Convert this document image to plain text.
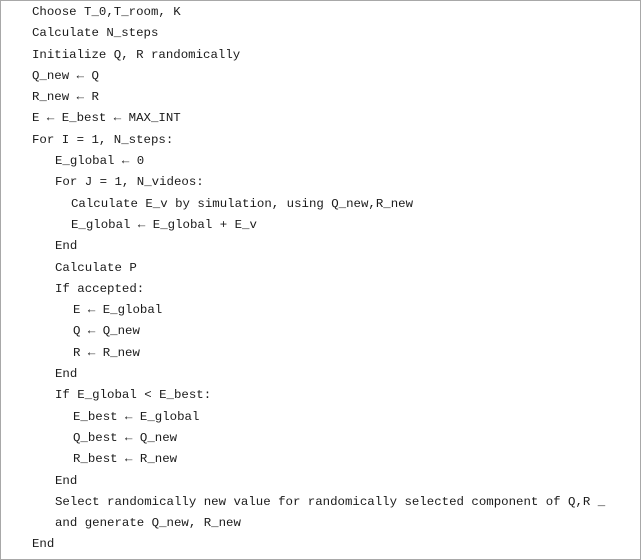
Choose T_0,T_room, K
Calculate N_steps
Initialize Q, R randomically
Q_new ← Q
R_new ← R
E ← E_best ← MAX_INT
For I = 1, N_steps:
E_global ← 0
For J = 1, N_videos:
Calculate E_v by simulation, using Q_new,R_new
E_global ← E_global + E_v
End
Calculate P
If accepted:
E ← E_global
Q ← Q_new
R ← R_new
End
If E_global < E_best:
E_best ← E_global
Q_best ← Q_new
R_best ← R_new
End
Select randomically new value for randomically selected component of Q,R _
and generate Q_new, R_new
End
